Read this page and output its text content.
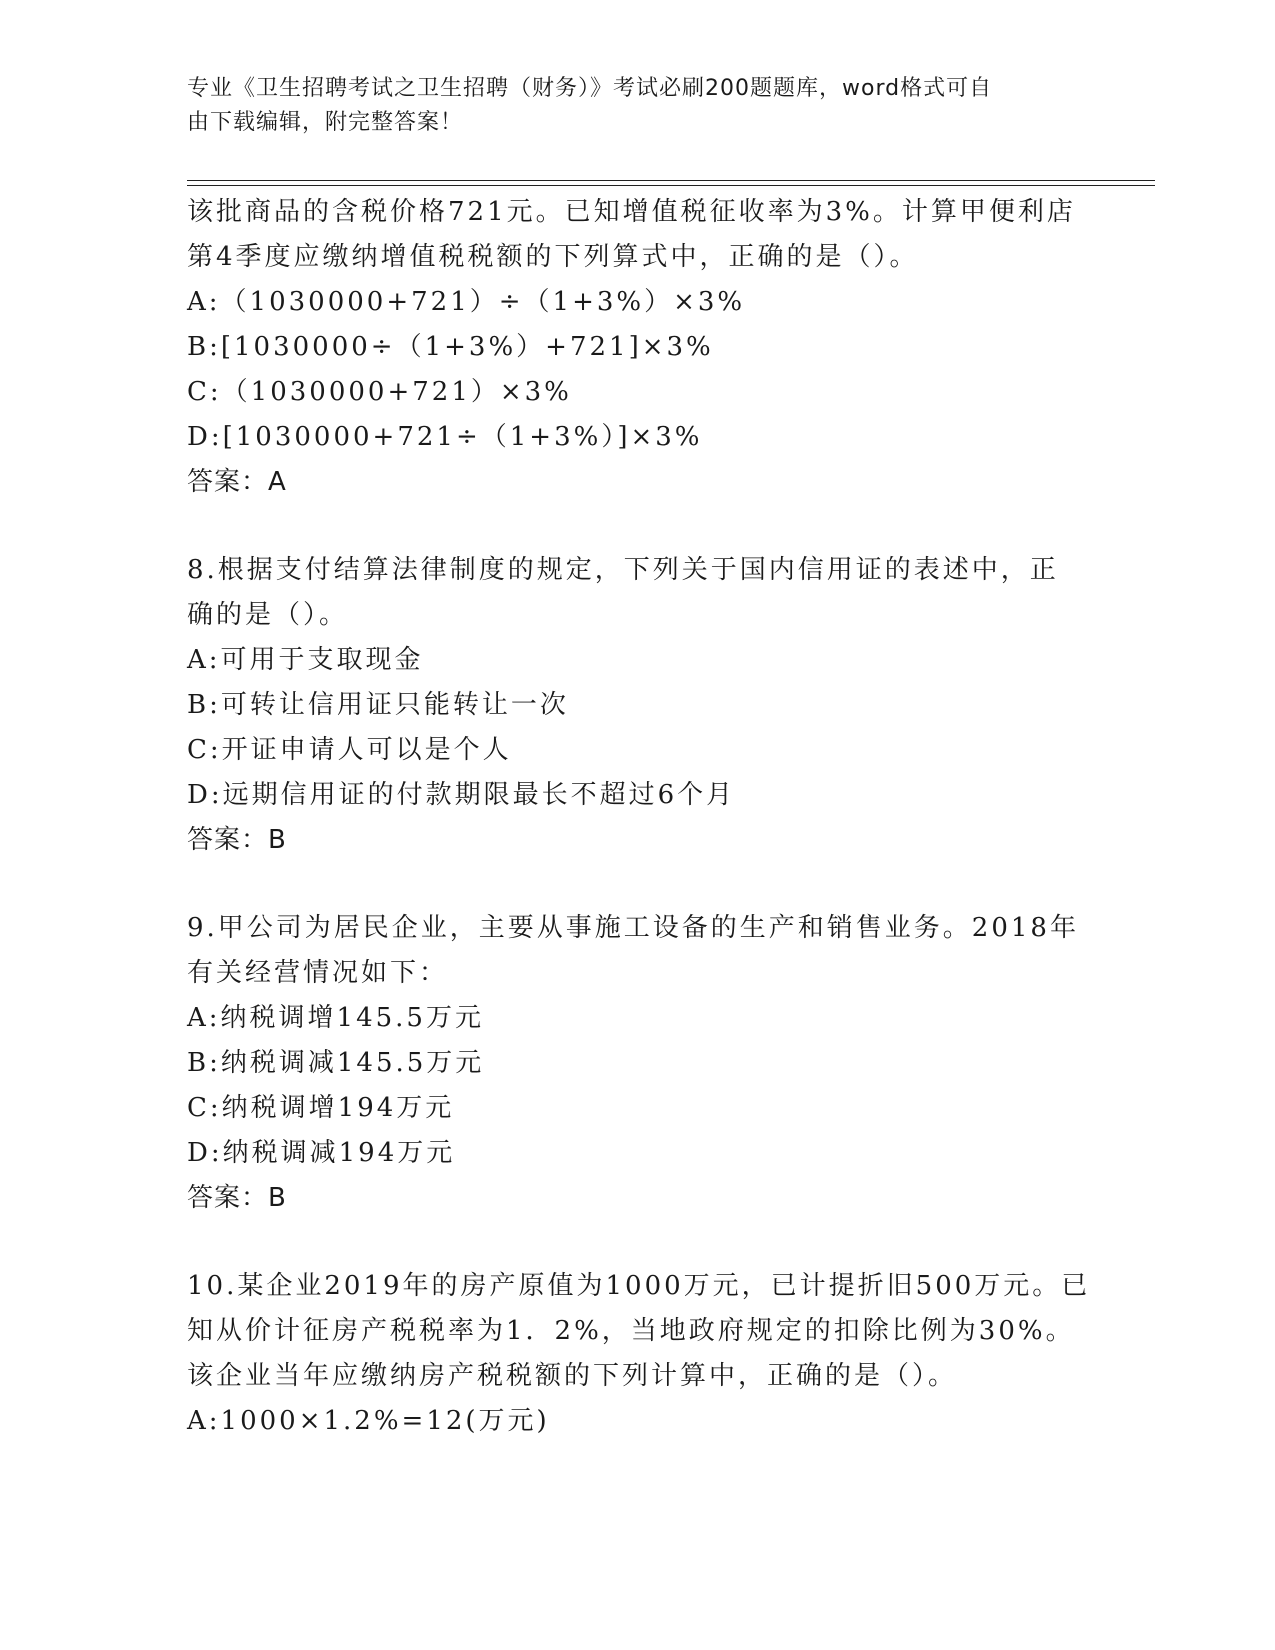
专业《卫生招聘考试之卫生招聘（财务）》考试必刷200题题库，word格式可自
由下载编辑，附完整答案！
该批商品的含税价格721元。已知增值税征收率为3%。计算甲便利店
第4季度应缴纳增值税税额的下列算式中，正确的是（）。
A:（1030000+721）÷（1+3%）×3%
B:[1030000÷（1+3%）+721]×3%
C:（1030000+721）×3%
D:[1030000+721÷（1+3%）]×3%
答案：A
8.根据支付结算法律制度的规定，下列关于国内信用证的表述中，正
确的是（）。
A:可用于支取现金
B:可转让信用证只能转让一次
C:开证申请人可以是个人
D:远期信用证的付款期限最长不超过6个月
答案：B
9.甲公司为居民企业，主要从事施工设备的生产和销售业务。2018年
有关经营情况如下：
A:纳税调增145.5万元
B:纳税调减145.5万元
C:纳税调增194万元
D:纳税调减194万元
答案：B
10.某企业2019年的房产原值为1000万元，已计提折旧500万元。已
知从价计征房产税税率为1．2%，当地政府规定的扣除比例为30%。
该企业当年应缴纳房产税税额的下列计算中，正确的是（）。
A:1000×1.2%=12(万元)
